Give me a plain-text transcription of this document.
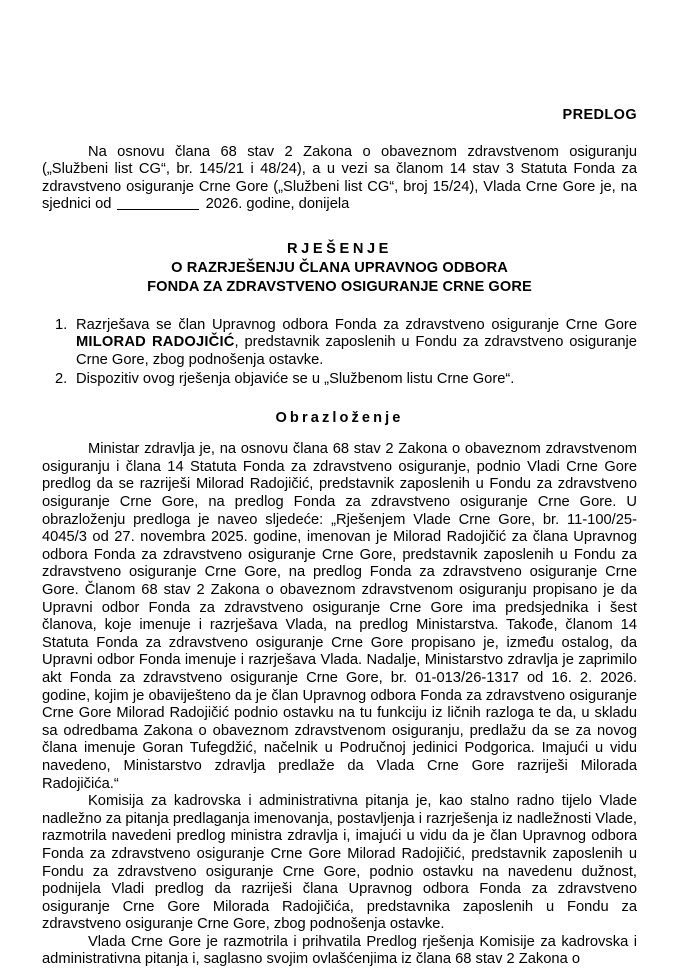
PREDLOG

Na osnovu člana 68 stav 2 Zakona o obaveznom zdravstvenom osiguranju („Službeni list CG“, br. 145/21 i 48/24), a u vezi sa članom 14 stav 3 Statuta Fonda za zdravstveno osiguranje Crne Gore („Službeni list CG“, broj 15/24), Vlada Crne Gore je, na sjednici od	2026. godine, donijela

RJEŠENJE

O RAZRJEŠENJU ČLANA UPRAVNOG ODBORA

FONDA ZA ZDRAVSTVENO OSIGURANJE CRNE GORE

Razrješava se član Upravnog odbora Fonda za zdravstveno osiguranje Crne Gore MILORAD RADOJIČIĆ, predstavnik zaposlenih u Fondu za zdravstveno osiguranje Crne Gore, zbog podnošenja ostavke.
Dispozitiv ovog rješenja objaviće se u „Službenom listu Crne Gore“.

Obrazloženje

Ministar zdravlja je, na osnovu člana 68 stav 2 Zakona o obaveznom zdravstvenom osiguranju i člana 14 Statuta Fonda za zdravstveno osiguranje, podnio Vladi Crne Gore predlog da se razriješi Milorad Radojičić, predstavnik zaposlenih u Fondu za zdravstveno osiguranje Crne Gore, na predlog Fonda za zdravstveno osiguranje Crne Gore. U obrazloženju predloga je naveo sljedeće: „Rješenjem Vlade Crne Gore, br. 11-100/25-4045/3 od 27. novembra 2025. godine, imenovan je Milorad Radojičić za člana Upravnog odbora Fonda za zdravstveno osiguranje Crne Gore, predstavnik zaposlenih u Fondu za zdravstveno osiguranje Crne Gore, na predlog Fonda za zdravstveno osiguranje Crne Gore. Članom 68 stav 2 Zakona o obaveznom zdravstvenom osiguranju propisano je da Upravni odbor Fonda za zdravstveno osiguranje Crne Gore ima predsjednika i šest članova, koje imenuje i razrješava Vlada, na predlog Ministarstva. Takođe, članom 14 Statuta Fonda za zdravstveno osiguranje Crne Gore propisano je, između ostalog, da Upravni odbor Fonda imenuje i razrješava Vlada. Nadalje, Ministarstvo zdravlja je zaprimilo akt Fonda za zdravstveno osiguranje Crne Gore, br. 01-013/26-1317 od 16. 2. 2026. godine, kojim je obaviješteno da je član Upravnog odbora Fonda za zdravstveno osiguranje Crne Gore Milorad Radojičić podnio ostavku na tu funkciju iz ličnih razloga te da, u skladu sa odredbama Zakona o obaveznom zdravstvenom osiguranju, predlažu da se za novog člana imenuje Goran Tufegdžić, načelnik u Područnoj jedinici Podgorica. Imajući u vidu navedeno, Ministarstvo zdravlja predlaže da Vlada Crne Gore razriješi Milorada Radojičića.“

Komisija za kadrovska i administrativna pitanja je, kao stalno radno tijelo Vlade nadležno za pitanja predlaganja imenovanja, postavljenja i razrješenja iz nadležnosti Vlade, razmotrila navedeni predlog ministra zdravlja i, imajući u vidu da je član Upravnog odbora Fonda za zdravstveno osiguranje Crne Gore Milorad Radojičić, predstavnik zaposlenih u Fondu za zdravstveno osiguranje Crne Gore, podnio ostavku na navedenu dužnost, podnijela Vladi predlog da razriješi člana Upravnog odbora Fonda za zdravstveno osiguranje Crne Gore Milorada Radojičića, predstavnika zaposlenih u Fondu za zdravstveno osiguranje Crne Gore, zbog podnošenja ostavke.

Vlada Crne Gore je razmotrila i prihvatila Predlog rješenja Komisije za kadrovska i administrativna pitanja i, saglasno svojim ovlašćenjima iz člana 68 stav 2 Zakona o
